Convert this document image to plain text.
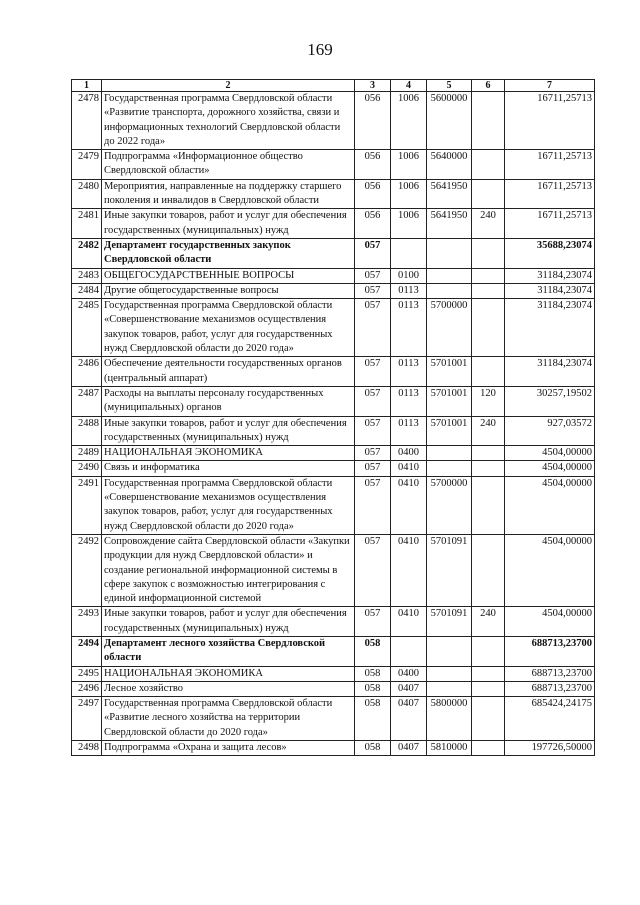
169
1	2	3	4	5	6	7
2478	Государственная программа Свердловской области «Развитие транспорта, дорожного хозяйства, связи и информационных технологий Свердловской области до 2022 года»	056	1006	5600000		16711,25713
2479	Подпрограмма «Информационное общество Свердловской области»	056	1006	5640000		16711,25713
2480	Мероприятия, направленные на поддержку старшего поколения и инвалидов в Свердловской области	056	1006	5641950		16711,25713
2481	Иные закупки товаров, работ и услуг для обеспечения государственных (муниципальных) нужд	056	1006	5641950	240	16711,25713
2482	Департамент государственных закупок Свердловской области	057				35688,23074
2483	ОБЩЕГОСУДАРСТВЕННЫЕ ВОПРОСЫ	057	0100			31184,23074
2484	Другие общегосударственные вопросы	057	0113			31184,23074
2485	Государственная программа Свердловской области «Совершенствование механизмов осуществления закупок товаров, работ, услуг для государственных нужд Свердловской области до 2020 года»	057	0113	5700000		31184,23074
2486	Обеспечение деятельности государственных органов (центральный аппарат)	057	0113	5701001		31184,23074
2487	Расходы на выплаты персоналу государственных (муниципальных) органов	057	0113	5701001	120	30257,19502
2488	Иные закупки товаров, работ и услуг для обеспечения государственных (муниципальных) нужд	057	0113	5701001	240	927,03572
2489	НАЦИОНАЛЬНАЯ ЭКОНОМИКА	057	0400			4504,00000
2490	Связь и информатика	057	0410			4504,00000
2491	Государственная программа Свердловской области «Совершенствование механизмов осуществления закупок товаров, работ, услуг для государственных нужд Свердловской области до 2020 года»	057	0410	5700000		4504,00000
2492	Сопровождение сайта Свердловской области «Закупки продукции для нужд Свердловской области» и создание региональной информационной системы в сфере закупок с возможностью интегрирования с единой информационной системой	057	0410	5701091		4504,00000
2493	Иные закупки товаров, работ и услуг для обеспечения государственных (муниципальных) нужд	057	0410	5701091	240	4504,00000
2494	Департамент лесного хозяйства Свердловской области	058				688713,23700
2495	НАЦИОНАЛЬНАЯ ЭКОНОМИКА	058	0400			688713,23700
2496	Лесное хозяйство	058	0407			688713,23700
2497	Государственная программа Свердловской области «Развитие лесного хозяйства на территории Свердловской области до 2020 года»	058	0407	5800000		685424,24175
2498	Подпрограмма «Охрана и защита лесов»	058	0407	5810000		197726,50000
